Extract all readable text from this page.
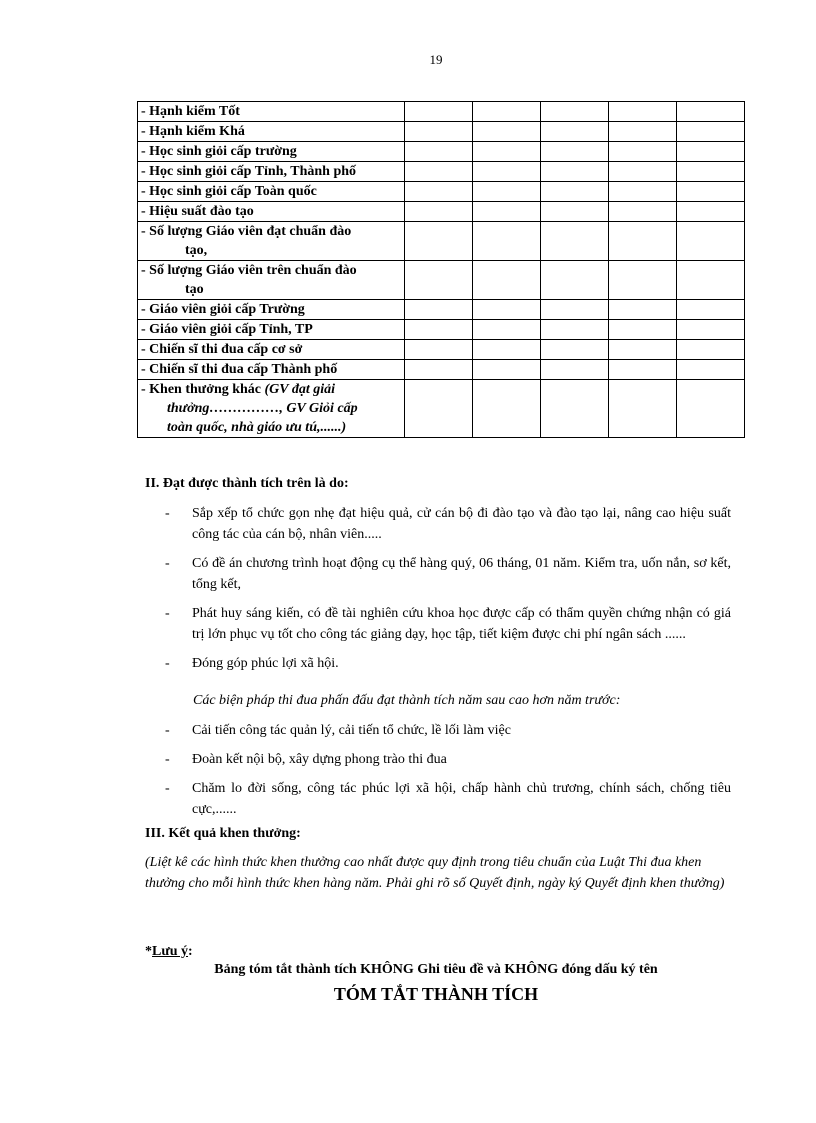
19
- Hạnh kiểm Tốt					
- Hạnh kiểm Khá					
- Học sinh giỏi cấp trường					
- Học sinh giỏi cấp Tỉnh, Thành phố					
- Học sinh giỏi cấp Toàn quốc					
- Hiệu suất đào tạo					
- Số lượng Giáo viên đạt chuẩn đào
tạo,					

- Số lượng Giáo viên trên chuẩn đào
tạo					

- Giáo viên giỏi cấp Trường					
- Giáo viên giỏi cấp Tỉnh, TP					
- Chiến sĩ thi đua cấp cơ sở					
- Chiến sĩ thi đua cấp Thành phố					
- Khen thưởng khác (GV đạt giải
thưởng……………, GV Giỏi cấp
toàn quốc, nhà giáo ưu tú,......)					

II. Đạt được thành tích trên là do:
-	Sắp xếp tổ chức gọn nhẹ đạt hiệu quả, cử cán bộ đi đào tạo và đào tạo lại, nâng cao hiệu suất công tác của cán bộ, nhân viên.....
-	Có đề án chương trình hoạt động cụ thể hàng quý, 06 tháng, 01 năm. Kiểm tra, uốn nắn, sơ kết, tổng kết,
-	Phát huy sáng kiến, có đề tài nghiên cứu khoa học được cấp có thẩm quyền chứng nhận có giá trị lớn phục vụ tốt cho công tác giảng dạy, học tập, tiết kiệm được chi phí ngân sách ......
-	Đóng góp phúc lợi xã hội.
Các biện pháp thi đua phấn đấu đạt thành tích năm sau cao hơn năm trước:
-	Cải tiến công tác quản lý, cải tiến tổ chức, lề lối làm việc
-	Đoàn kết nội bộ, xây dựng phong trào thi đua
-	Chăm lo đời sống, công tác phúc lợi xã hội, chấp hành chủ trương, chính sách, chống tiêu cực,......
III. Kết quả khen thưởng:
(Liệt kê các hình thức khen thưởng cao nhất được quy định trong tiêu chuẩn của Luật Thi đua khen thưởng cho mỗi hình thức khen hàng năm. Phải ghi rõ số Quyết định, ngày ký Quyết định khen thưởng)
*Lưu ý:
Bảng tóm tắt thành tích KHÔNG Ghi tiêu đề và KHÔNG đóng dấu ký tên
TÓM TẮT THÀNH TÍCH
